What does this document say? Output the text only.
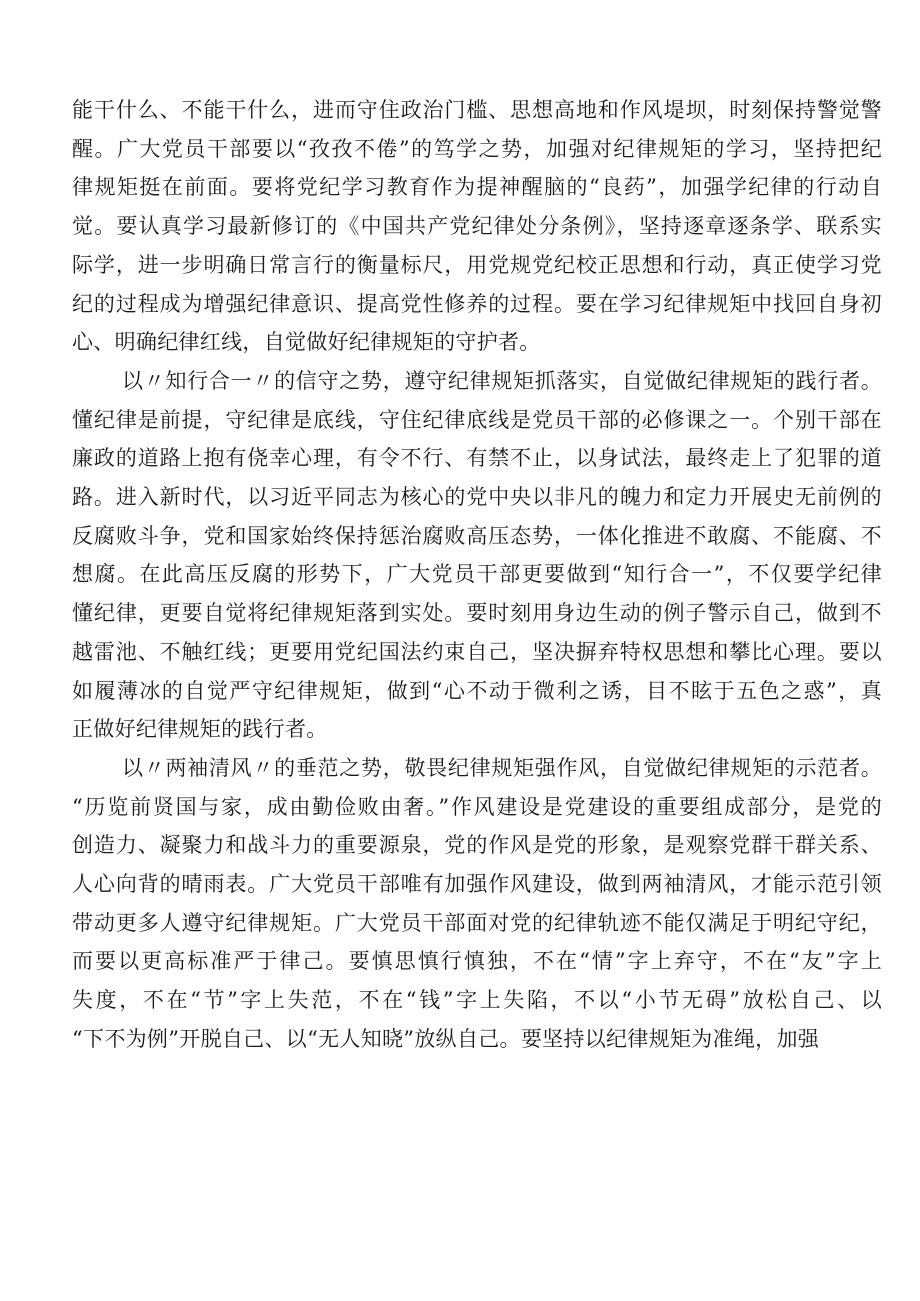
能干什么、不能干什么，进而守住政治门槛、思想高地和作风堤坝，时刻保持警觉警
醒。广大党员干部要以“孜孜不倦”的笃学之势，加强对纪律规矩的学习，坚持把纪
律规矩挺在前面。要将党纪学习教育作为提神醒脑的“良药”，加强学纪律的行动自
觉。要认真学习最新修订的《中国共产党纪律处分条例》，坚持逐章逐条学、联系实
际学，进一步明确日常言行的衡量标尺，用党规党纪校正思想和行动，真正使学习党
纪的过程成为增强纪律意识、提高党性修养的过程。要在学习纪律规矩中找回自身初
心、明确纪律红线，自觉做好纪律规矩的守护者。

以〃知行合一〃的信守之势，遵守纪律规矩抓落实，自觉做纪律规矩的践行者。
懂纪律是前提，守纪律是底线，守住纪律底线是党员干部的必修课之一。个别干部在
廉政的道路上抱有侥幸心理，有令不行、有禁不止，以身试法，最终走上了犯罪的道
路。进入新时代，以习近平同志为核心的党中央以非凡的魄力和定力开展史无前例的
反腐败斗争，党和国家始终保持惩治腐败高压态势，一体化推进不敢腐、不能腐、不
想腐。在此高压反腐的形势下，广大党员干部更要做到“知行合一”，不仅要学纪律
懂纪律，更要自觉将纪律规矩落到实处。要时刻用身边生动的例子警示自己，做到不
越雷池、不触红线；更要用党纪国法约束自己，坚决摒弃特权思想和攀比心理。要以
如履薄冰的自觉严守纪律规矩，做到“心不动于微利之诱，目不眩于五色之惑”，真
正做好纪律规矩的践行者。

以〃两袖清风〃的垂范之势，敬畏纪律规矩强作风，自觉做纪律规矩的示范者。
“历览前贤国与家，成由勤俭败由奢。”作风建设是党建设的重要组成部分，是党的
创造力、凝聚力和战斗力的重要源泉，党的作风是党的形象，是观察党群干群关系、
人心向背的晴雨表。广大党员干部唯有加强作风建设，做到两袖清风，才能示范引领
带动更多人遵守纪律规矩。广大党员干部面对党的纪律轨迹不能仅满足于明纪守纪，
而要以更高标准严于律己。要慎思慎行慎独，不在“情”字上弃守，不在“友”字上
失度，不在“节”字上失范，不在“钱”字上失陷，不以“小节无碍”放松自己、以
“下不为例”开脱自己、以“无人知晓”放纵自己。要坚持以纪律规矩为准绳，加强
